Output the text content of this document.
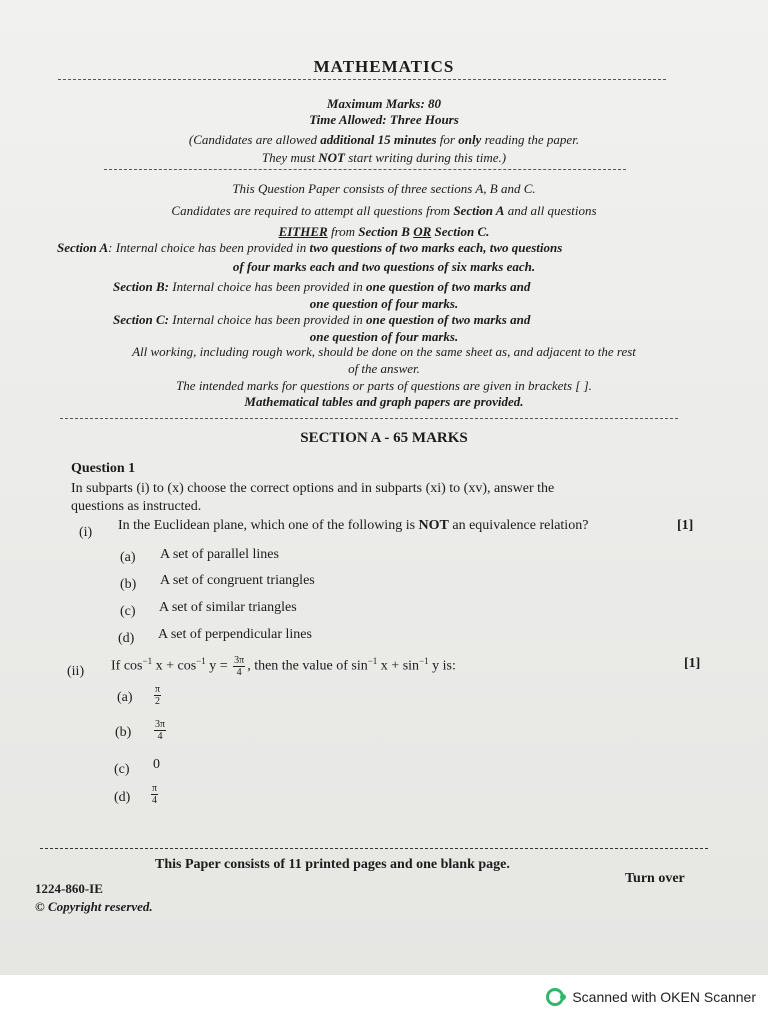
MATHEMATICS
Maximum Marks: 80
Time Allowed: Three Hours
(Candidates are allowed additional 15 minutes for only reading the paper.
They must NOT start writing during this time.)
This Question Paper consists of three sections A, B and C.
Candidates are required to attempt all questions from Section A and all questions
EITHER from Section B OR Section C.
Section A: Internal choice has been provided in two questions of two marks each, two questions
of four marks each and two questions of six marks each.
Section B: Internal choice has been provided in one question of two marks and
one question of four marks.
Section C: Internal choice has been provided in one question of two marks and
one question of four marks.
All working, including rough work, should be done on the same sheet as, and adjacent to the rest
of the answer.
The intended marks for questions or parts of questions are given in brackets [ ].
Mathematical tables and graph papers are provided.
SECTION A - 65 MARKS
Question 1
In subparts (i) to (x) choose the correct options and in subparts (xi) to (xv), answer the
questions as instructed.
(i) In the Euclidean plane, which one of the following is NOT an equivalence relation?	[1]
(a) A set of parallel lines
(b) A set of congruent triangles
(c) A set of similar triangles
(d) A set of perpendicular lines
(ii) If $\cos^{-1} x + \cos^{-1} y = \frac{3\pi}{4}$ , then the value of $\sin^{-1} x + \sin^{-1} y$ is:	[1]
$(a) \frac{\pi}{2}$
$(b) \frac{3\pi}{4}$
(c) 0
$(d) \frac{\pi}{4}$
This Paper consists of 11 printed pages and one blank page.
Turn over
1224-860-IE
© Copyright reserved.
Scanned with OKEN Scanner
